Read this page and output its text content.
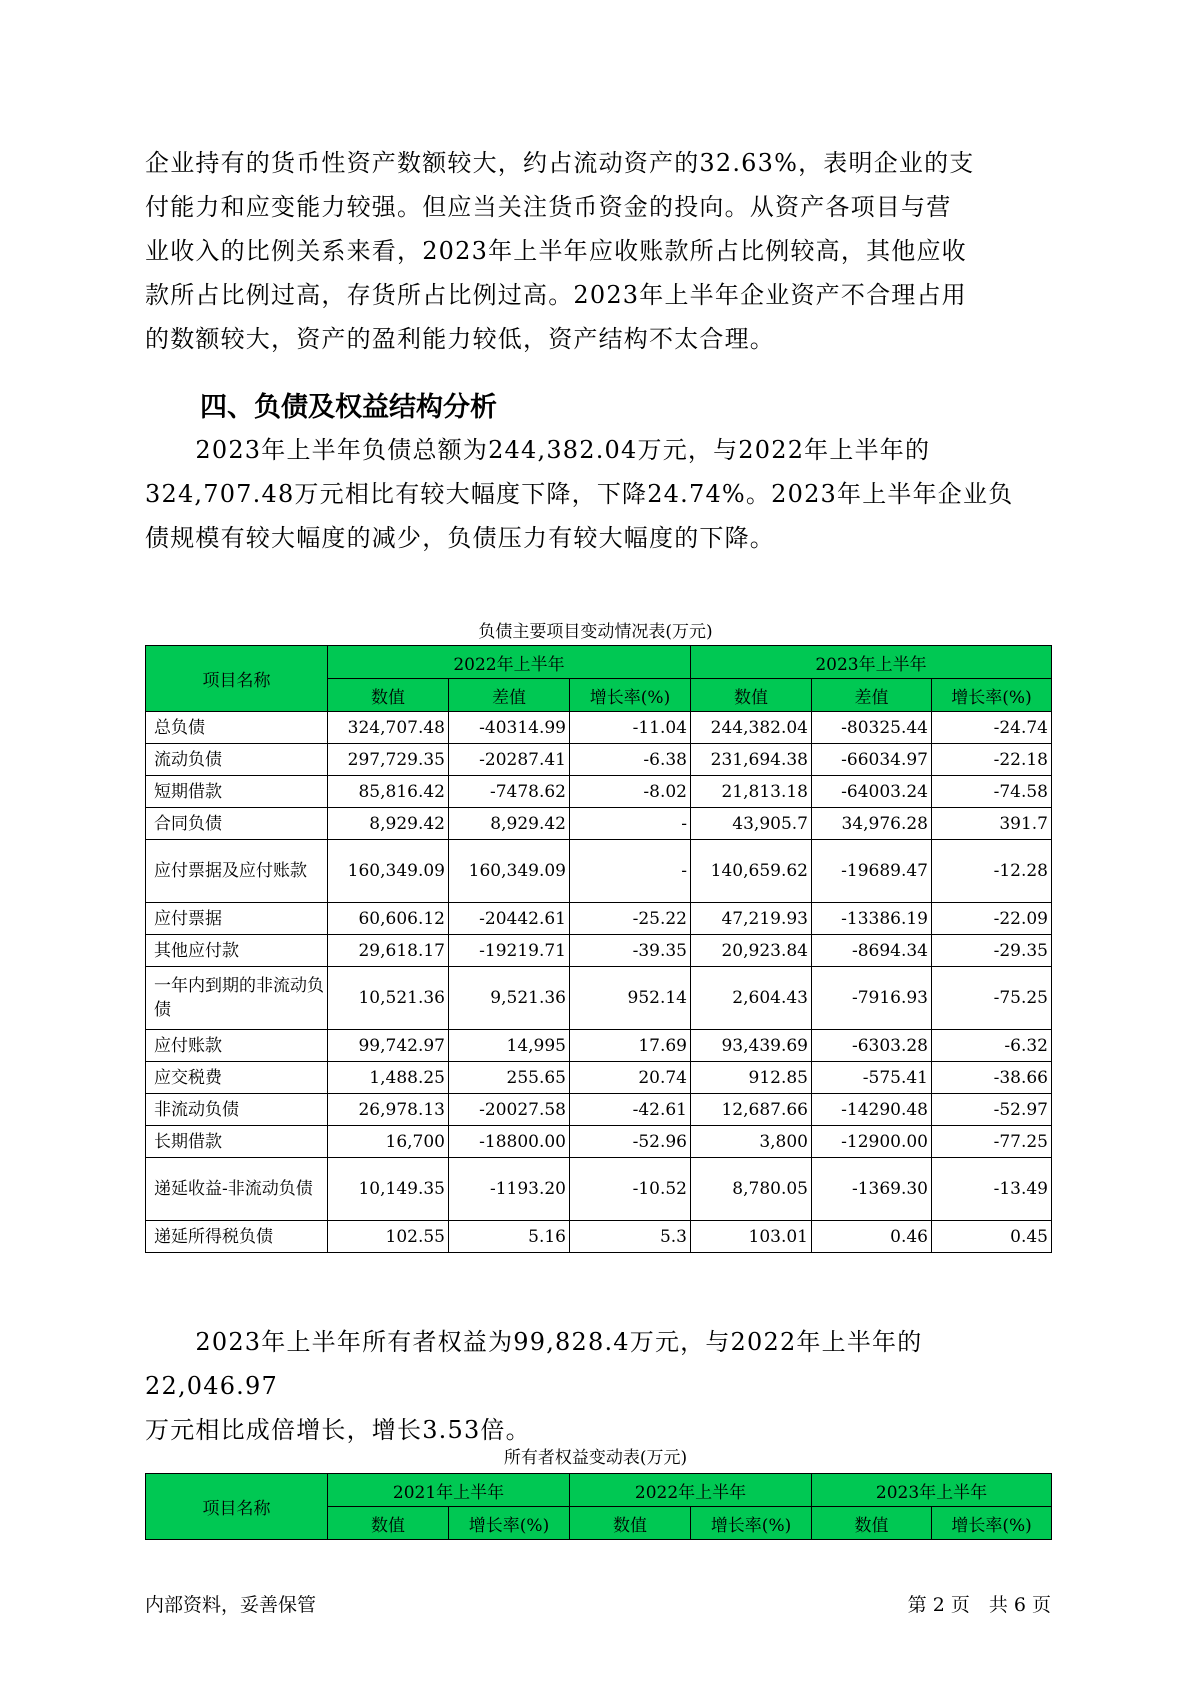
企业持有的货币性资产数额较大，约占流动资产的32.63%，表明企业的支
付能力和应变能力较强。但应当关注货币资金的投向。从资产各项目与营
业收入的比例关系来看，2023年上半年应收账款所占比例较高，其他应收
款所占比例过高，存货所占比例过高。2023年上半年企业资产不合理占用
的数额较大，资产的盈利能力较低，资产结构不太合理。
四、负债及权益结构分析
　　2023年上半年负债总额为244,382.04万元，与2022年上半年的
324,707.48万元相比有较大幅度下降，下降24.74%。2023年上半年企业负
债规模有较大幅度的减少，负债压力有较大幅度的下降。

负债主要项目变动情况表(万元)

项目名称	2022年上半年			2023年上半年		
	数值	差值	增长率(%)	数值	差值	增长率(%)
总负债	324,707.48	-40314.99	-11.04	244,382.04	-80325.44	-24.74
流动负债	297,729.35	-20287.41	-6.38	231,694.38	-66034.97	-22.18
短期借款	85,816.42	-7478.62	-8.02	21,813.18	-64003.24	-74.58
合同负债	8,929.42	8,929.42	-	43,905.7	34,976.28	391.7
应付票据及应付账款	160,349.09	160,349.09	-	140,659.62	-19689.47	-12.28
应付票据	60,606.12	-20442.61	-25.22	47,219.93	-13386.19	-22.09
其他应付款	29,618.17	-19219.71	-39.35	20,923.84	-8694.34	-29.35
一年内到期的非流动负债	10,521.36	9,521.36	952.14	2,604.43	-7916.93	-75.25
应付账款	99,742.97	14,995	17.69	93,439.69	-6303.28	-6.32
应交税费	1,488.25	255.65	20.74	912.85	-575.41	-38.66
非流动负债	26,978.13	-20027.58	-42.61	12,687.66	-14290.48	-52.97
长期借款	16,700	-18800.00	-52.96	3,800	-12900.00	-77.25
递延收益-非流动负债	10,149.35	-1193.20	-10.52	8,780.05	-1369.30	-13.49
递延所得税负债	102.55	5.16	5.3	103.01	0.46	0.45
　　2023年上半年所有者权益为99,828.4万元，与2022年上半年的22,046.97
万元相比成倍增长，增长3.53倍。

所有者权益变动表(万元)

项目名称	2021年上半年		2022年上半年		2023年上半年	
	数值	增长率(%)	数值	增长率(%)	数值	增长率(%)

内部资料，妥善保管	第 2 页　共 6 页
